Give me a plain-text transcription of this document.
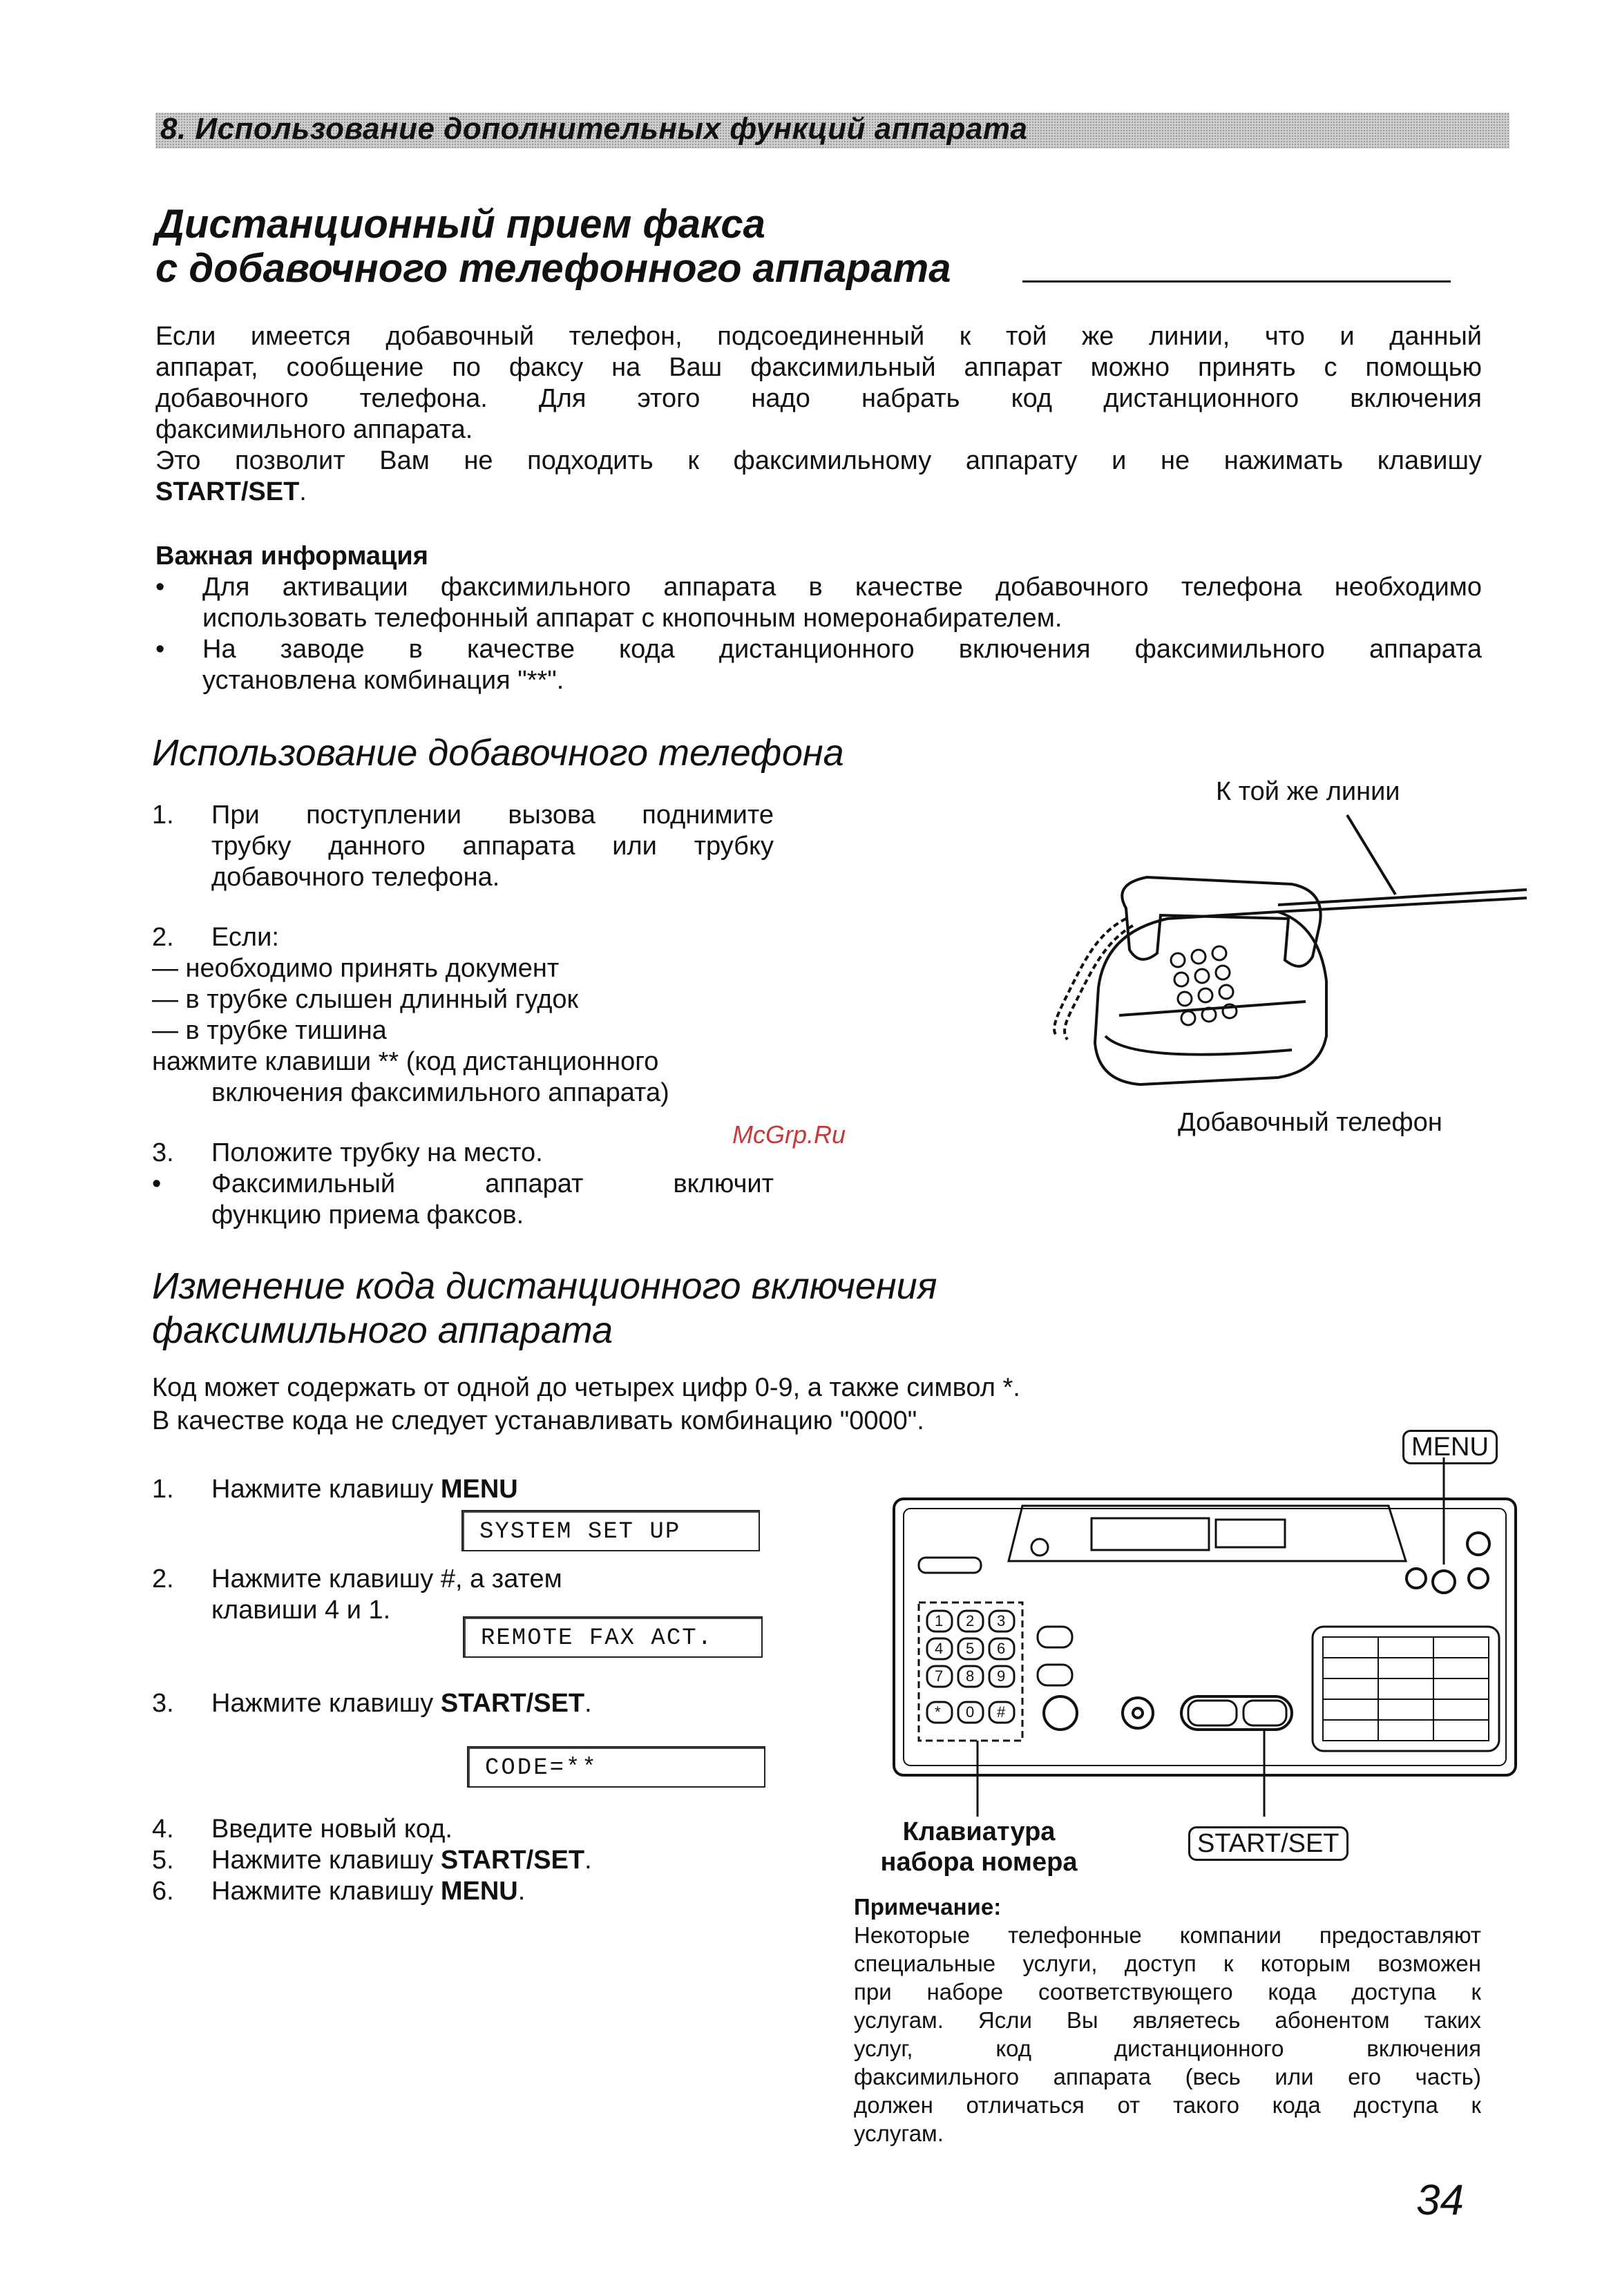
8. Использование дополнительных функций аппарата
Дистанционный прием факса
с добавочного телефонного аппарата
Если имеется добавочный телефон, подсоединенный к той же линии, что и данный
аппарат, сообщение по факсу на Ваш факсимильный аппарат можно принять с помощью
добавочного телефона. Для этого надо набрать код дистанционного включения
факсимильного аппарата.
Это позволит Вам не подходить к факсимильному аппарату и не нажимать клавишу
START/SET.
Важная информация
• Для активации факсимильного аппарата в качестве добавочного телефона необходимо
использовать телефонный аппарат с кнопочным номеронабирателем.
• На заводе в качестве кода дистанционного включения факсимильного аппарата
установлена комбинация "**".
Использование добавочного телефона
1. При поступлении вызова поднимите
трубку данного аппарата или трубку
добавочного телефона.
2. Если:
— необходимо принять документ
— в трубке слышен длинный гудок
— в трубке тишина
нажмите клавиши ** (код дистанционного
включения факсимильного аппарата)
3. Положите трубку на место.
• Факсимильный аппарат включит
функцию приема факсов.
McGrp.Ru
К той же линии
Добавочный телефон
Изменение кода дистанционного включения
факсимильного аппарата
Код может содержать от одной до четырех цифр 0-9, а также символ *.
В качестве кода не следует устанавливать комбинацию "0000".
1. Нажмите клавишу MENU
SYSTEM SET UP
2. Нажмите клавишу #, а затем
клавиши 4 и 1.
REMOTE FAX ACT.
3. Нажмите клавишу START/SET.
CODE=**
4. Введите новый код.
5. Нажмите клавишу START/SET.
6. Нажмите клавишу MENU.
MENU
1 2 3
4 5 6
7 8 9
* 0 #
Клавиатура
набора номера
START/SET
Примечание:
Некоторые телефонные компании предоставляют
специальные услуги, доступ к которым возможен
при наборе соответствующего кода доступа к
услугам. Ясли Вы являетесь абонентом таких
услуг, код дистанционного включения
факсимильного аппарата (весь или его часть)
должен отличаться от такого кода доступа к
услугам.
34
